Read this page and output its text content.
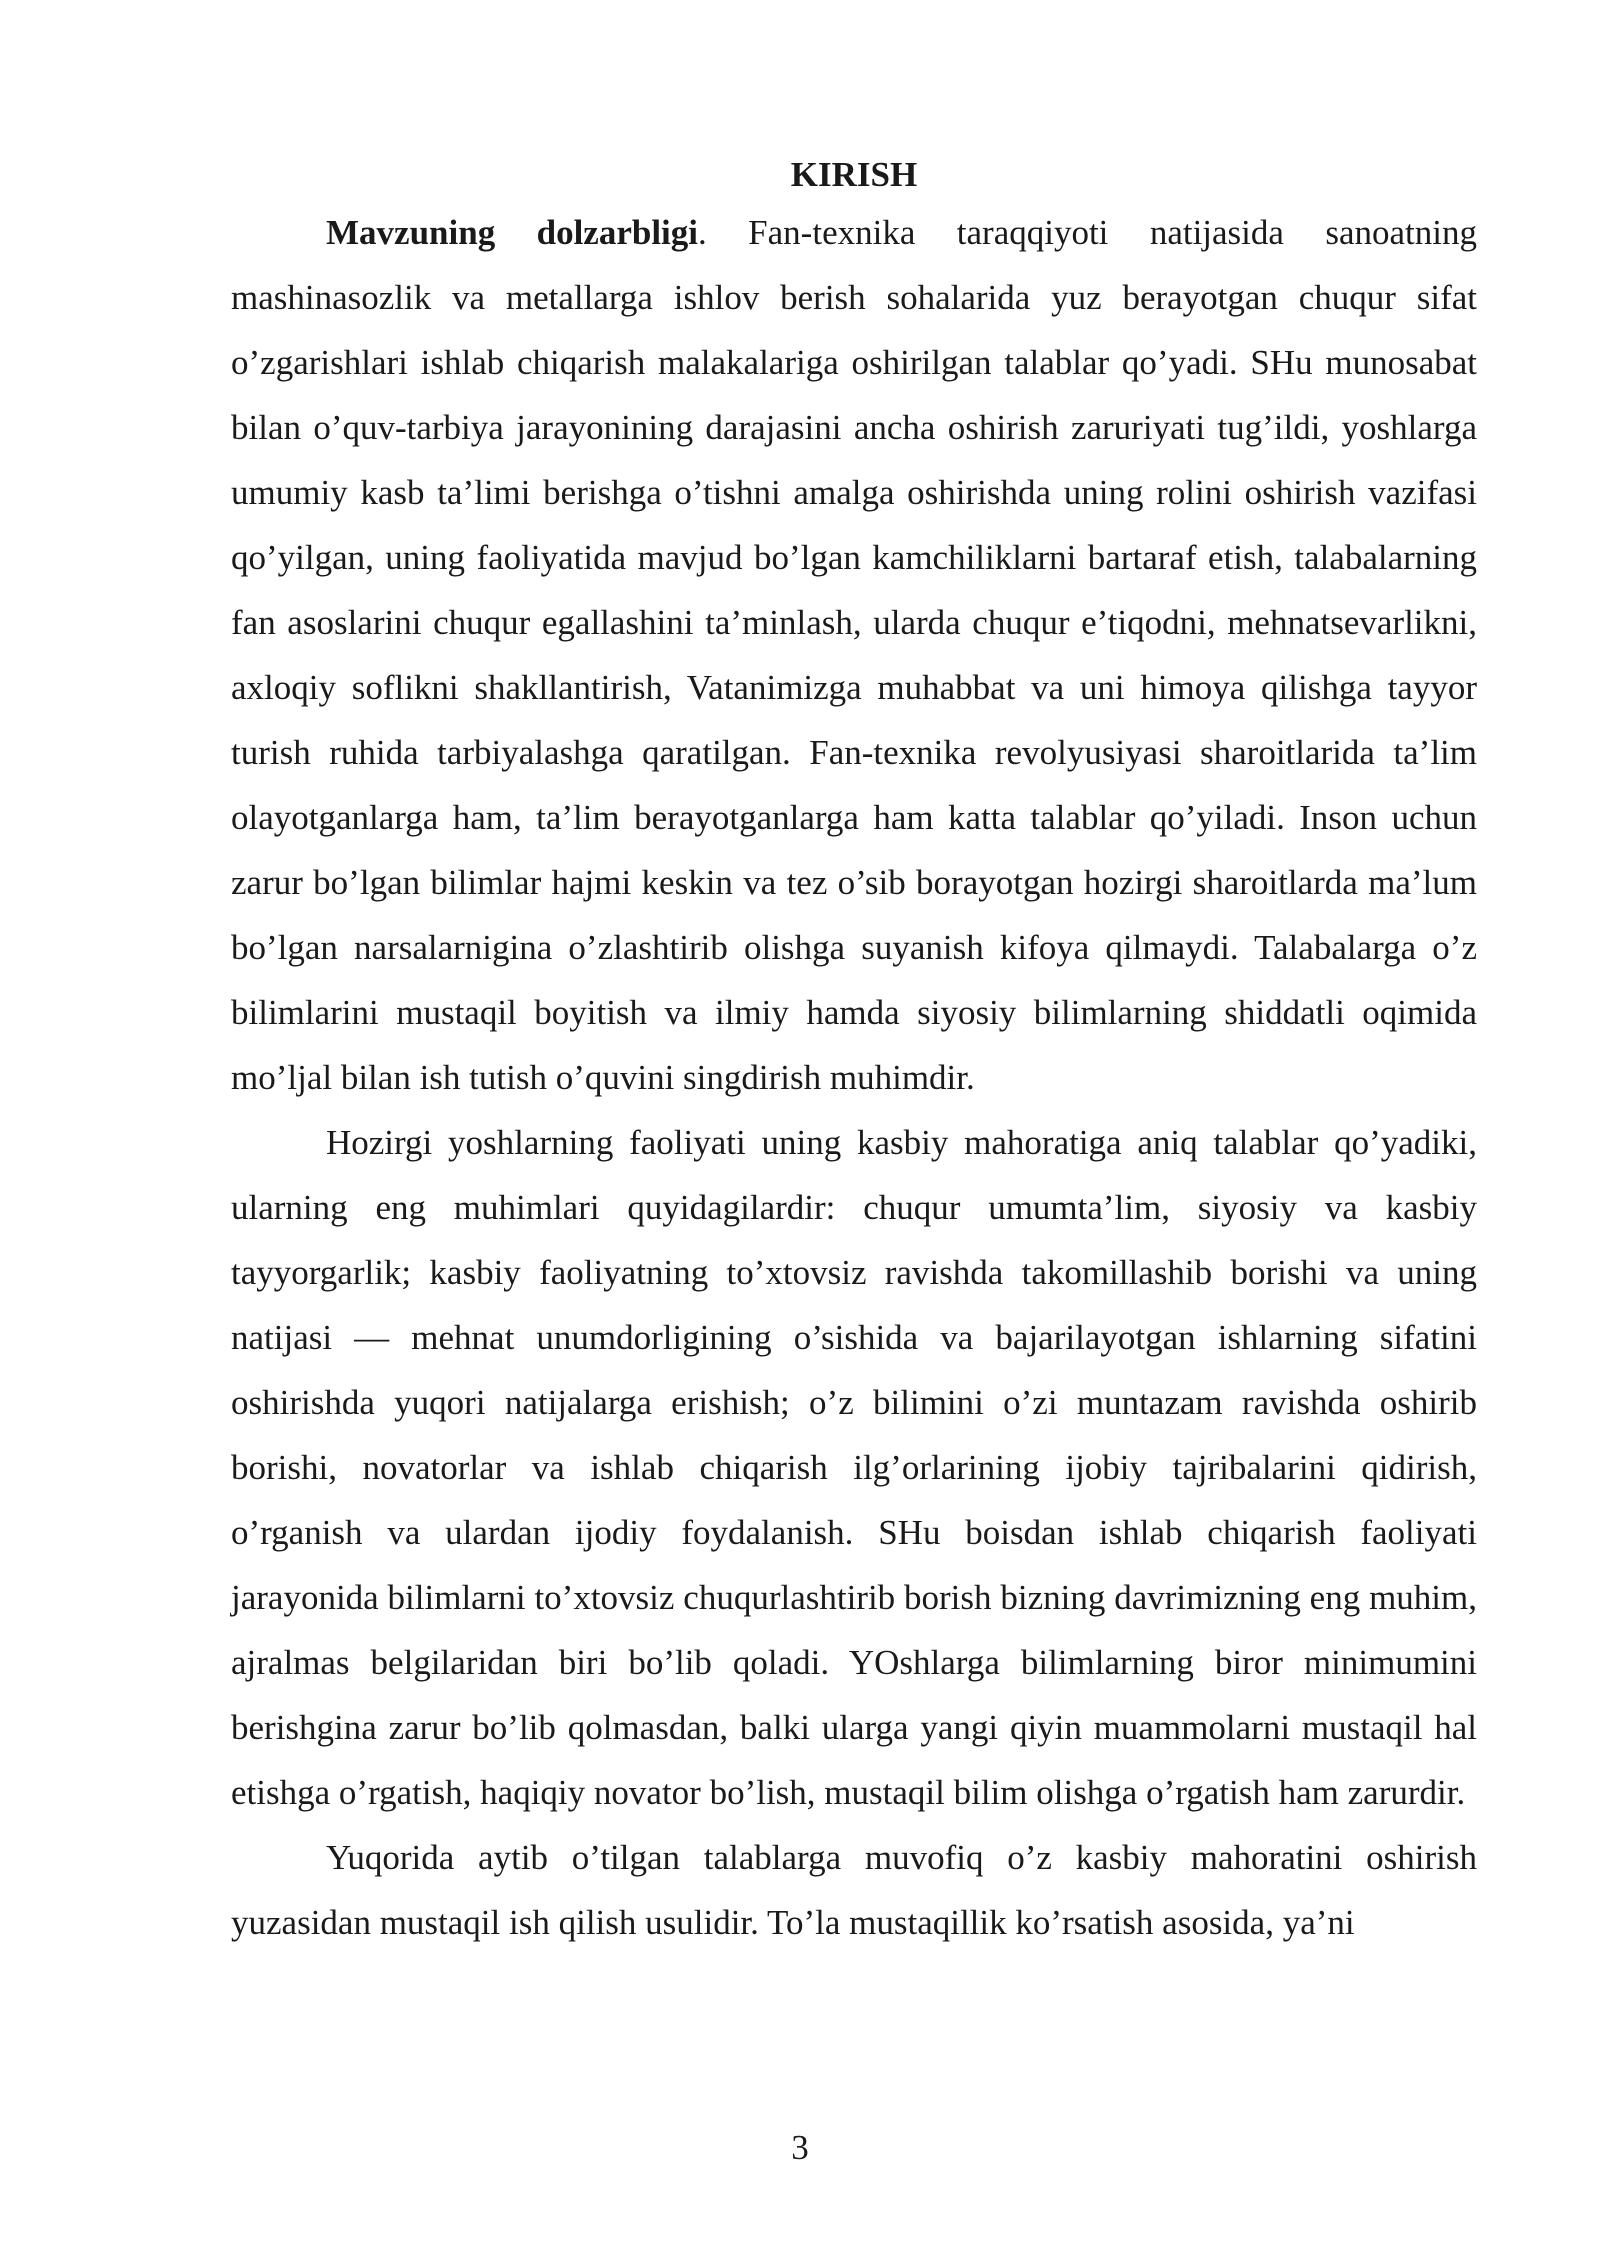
KIRISH

Mavzuning dolzarbligi. Fan-texnika taraqqiyoti natijasida sanoatning mashinasozlik va metallarga ishlov berish sohalarida yuz berayotgan chuqur sifat o’zgarishlari ishlab chiqarish malakalariga oshirilgan talablar qo’yadi. SHu munosabat bilan o’quv-tarbiya jarayonining darajasini ancha oshirish zaruriyati tug’ildi, yoshlarga umumiy kasb ta’limi berishga o’tishni amalga oshirishda uning rolini oshirish vazifasi qo’yilgan, uning faoliyatida mavjud bo’lgan kamchiliklarni bartaraf etish, talabalarning fan asoslarini chuqur egallashini ta’minlash, ularda chuqur e’tiqodni, mehnatsevarlikni, axloqiy soflikni shakllantirish, Vatanimizga muhabbat va uni himoya qilishga tayyor turish ruhida tarbiyalashga qaratilgan. Fan-texnika revolyusiyasi sharoitlarida ta’lim olayotganlarga ham, ta’lim berayotganlarga ham katta talablar qo’yiladi. Inson uchun zarur bo’lgan bilimlar hajmi keskin va tez o’sib borayotgan hozirgi sharoitlarda ma’lum bo’lgan narsalarnigina o’zlashtirib olishga suyanish kifoya qilmaydi. Talabalarga o’z bilimlarini mustaqil boyitish va ilmiy hamda siyosiy bilimlarning shiddatli oqimida mo’ljal bilan ish tutish o’quvini singdirish muhimdir.

Hozirgi yoshlarning faoliyati uning kasbiy mahoratiga aniq talablar qo’yadiki, ularning eng muhimlari quyidagilardir: chuqur umumta’lim, siyosiy va kasbiy tayyorgarlik; kasbiy faoliyatning to’xtovsiz ravishda takomillashib borishi va uning natijasi — mehnat unumdorligining o’sishida va bajarilayotgan ishlarning sifatini oshirishda yuqori natijalarga erishish; o’z bilimini o’zi muntazam ravishda oshirib borishi, novatorlar va ishlab chiqarish ilg’orlarining ijobiy tajribalarini qidirish, o’rganish va ulardan ijodiy foydalanish. SHu boisdan ishlab chiqarish faoliyati jarayonida bilimlarni to’xtovsiz chuqurlashtirib borish bizning davrimizning eng muhim, ajralmas belgilaridan biri bo’lib qoladi. YOshlarga bilimlarning biror minimumini berishgina zarur bo’lib qolmasdan, balki ularga yangi qiyin muammolarni mustaqil hal etishga o’rgatish, haqiqiy novator bo’lish, mustaqil bilim olishga o’rgatish ham zarurdir.

Yuqorida aytib o’tilgan talablarga muvofiq o’z kasbiy mahoratini oshirish yuzasidan mustaqil ish qilish usulidir. To’la mustaqillik ko’rsatish asosida, ya’ni

3
